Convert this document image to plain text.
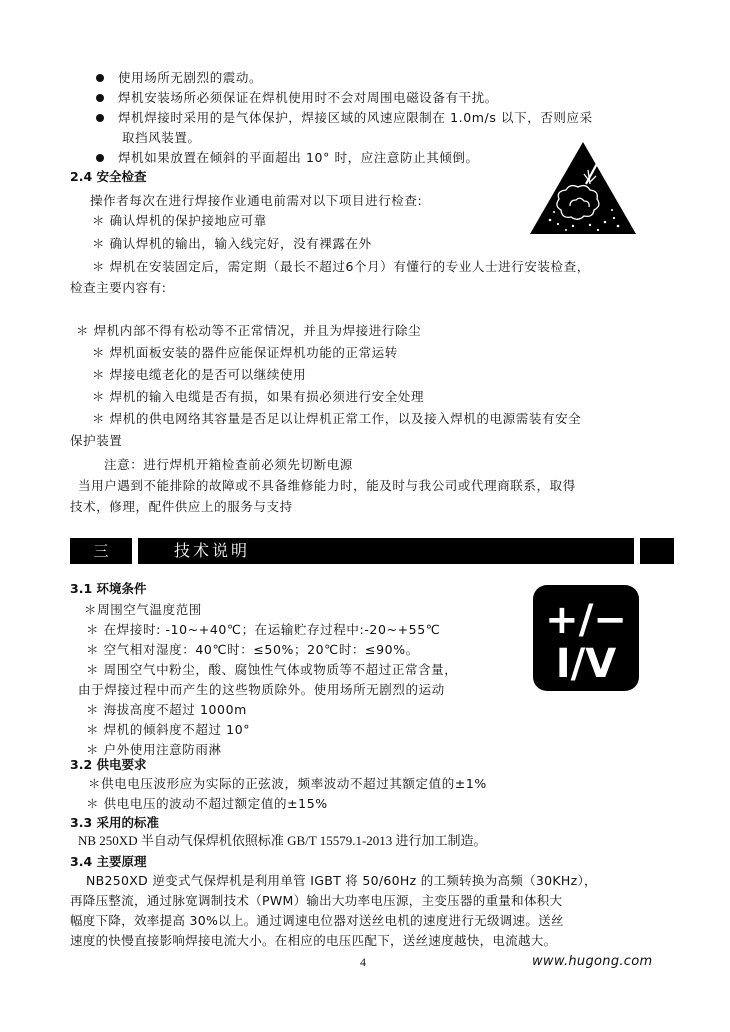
使用场所无剧烈的震动。
焊机安装场所必须保证在焊机使用时不会对周围电磁设备有干扰。
焊机焊接时采用的是气体保护，焊接区域的风速应限制在 1.0m/s 以下，否则应采
取挡风装置。
焊机如果放置在倾斜的平面超出 10° 时，应注意防止其倾倒。
2.4 安全检查
操作者每次在进行焊接作业通电前需对以下项目进行检查:
＊ 确认焊机的保护接地应可靠
＊ 确认焊机的输出，输入线完好，没有裸露在外
＊ 焊机在安装固定后，需定期（最长不超过6个月）有懂行的专业人士进行安装检查，
检查主要内容有:
＊ 焊机内部不得有松动等不正常情况，并且为焊接进行除尘
＊ 焊机面板安装的器件应能保证焊机功能的正常运转
＊ 焊接电缆老化的是否可以继续使用
＊ 焊机的输入电缆是否有损，如果有损必须进行安全处理
＊ 焊机的供电网络其容量是否足以让焊机正常工作，以及接入焊机的电源需装有安全
保护装置
注意：进行焊机开箱检查前必须先切断电源
当用户遇到不能排除的故障或不具备维修能力时，能及时与我公司或代理商联系，取得
技术，修理，配件供应上的服务与支持
三	技术说明
3.1 环境条件
＊周围空气温度范围
＊ 在焊接时: -10~+40℃；在运输贮存过程中:-20~+55℃
＊ 空气相对湿度：40℃时：≤50%；20℃时：≤90%。
＊ 周围空气中粉尘，酸、腐蚀性气体或物质等不超过正常含量，
由于焊接过程中而产生的这些物质除外。使用场所无剧烈的运动
＊ 海拔高度不超过 1000m
＊ 焊机的倾斜度不超过 10°
＊ 户外使用注意防雨淋
+/−
I/V
3.2 供电要求
＊供电电压波形应为实际的正弦波，频率波动不超过其额定值的±1%
＊ 供电电压的波动不超过额定值的±15%
3.3 采用的标准
NB 250XD 半自动气保焊机依照标准 GB/T 15579.1-2013 进行加工制造。
3.4 主要原理
NB250XD 逆变式气保焊机是利用单管 IGBT 将 50/60Hz 的工频转换为高频（30KHz），
再降压整流，通过脉宽调制技术（PWM）输出大功率电压源，主变压器的重量和体积大
幅度下降，效率提高 30%以上。通过调速电位器对送丝电机的速度进行无级调速。送丝
速度的快慢直接影响焊接电流大小。在相应的电压匹配下，送丝速度越快，电流越大。
4	www.hugong.com
